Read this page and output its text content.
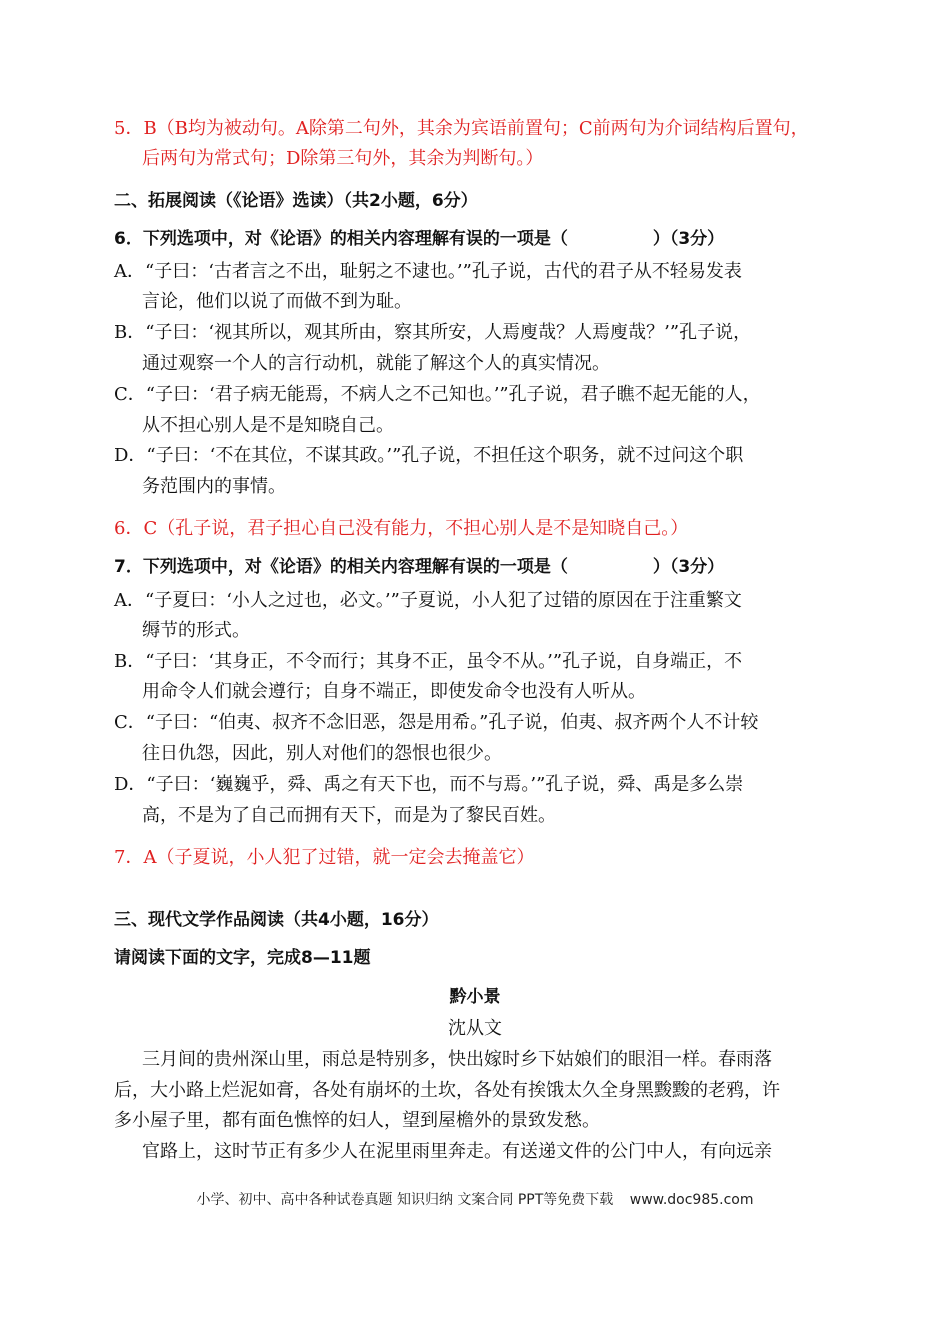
5．B（B均为被动句。A除第二句外，其余为宾语前置句；C前两句为介词结构后置句，
后两句为常式句；D除第三句外，其余为判断句。）
二、拓展阅读（《论语》选读）（共2小题，6分）
6．下列选项中，对《论语》的相关内容理解有误的一项是（　　　　　）（3分）
A．“子曰：‘古者言之不出，耻躬之不逮也。’”孔子说，古代的君子从不轻易发表
言论，他们以说了而做不到为耻。
B．“子曰：‘视其所以，观其所由，察其所安，人焉廋哉？人焉廋哉？’”孔子说，
通过观察一个人的言行动机，就能了解这个人的真实情况。
C．“子曰：‘君子病无能焉，不病人之不己知也。’”孔子说，君子瞧不起无能的人，
从不担心别人是不是知晓自己。
D．“子曰：‘不在其位，不谋其政。’”孔子说，不担任这个职务，就不过问这个职
务范围内的事情。
6．C（孔子说，君子担心自己没有能力，不担心别人是不是知晓自己。）
7．下列选项中，对《论语》的相关内容理解有误的一项是（　　　　　）（3分）
A．“子夏曰：‘小人之过也，必文。’”子夏说，小人犯了过错的原因在于注重繁文
缛节的形式。
B．“子曰：‘其身正，不令而行；其身不正，虽令不从。’”孔子说，自身端正，不
用命令人们就会遵行；自身不端正，即使发命令也没有人听从。
C．“子曰：“伯夷、叔齐不念旧恶，怨是用希。”孔子说，伯夷、叔齐两个人不计较
往日仇怨，因此，别人对他们的怨恨也很少。
D．“子曰：‘巍巍乎，舜、禹之有天下也，而不与焉。’”孔子说，舜、禹是多么崇
高，不是为了自己而拥有天下，而是为了黎民百姓。
7．A（子夏说，小人犯了过错，就一定会去掩盖它）
三、现代文学作品阅读（共4小题，16分）
请阅读下面的文字，完成8—11题
黔小景
沈从文
三月间的贵州深山里，雨总是特别多，快出嫁时乡下姑娘们的眼泪一样。春雨落
后，大小路上烂泥如膏，各处有崩坏的土坎，各处有挨饿太久全身黑黢黢的老鸦，许
多小屋子里，都有面色憔悴的妇人，望到屋檐外的景致发愁。
官路上，这时节正有多少人在泥里雨里奔走。有送递文件的公门中人，有向远亲
小学、初中、高中各种试卷真题 知识归纳 文案合同 PPT等免费下载 www.doc985.com
